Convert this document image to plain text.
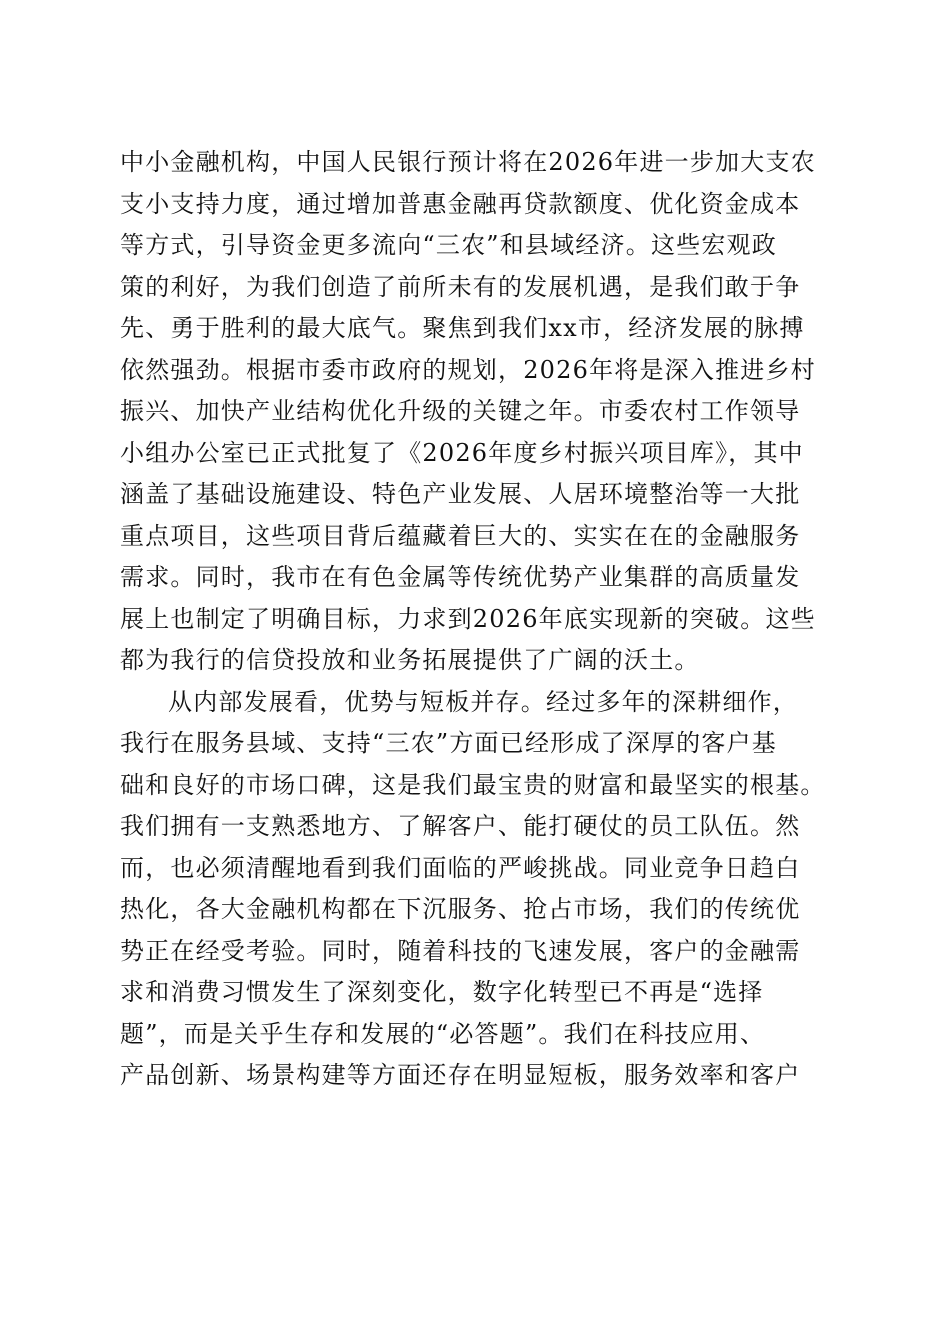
中小金融机构，中国人民银行预计将在2026年进一步加大支农
支小支持力度，通过增加普惠金融再贷款额度、优化资金成本
等方式，引导资金更多流向“三农”和县域经济。这些宏观政
策的利好，为我们创造了前所未有的发展机遇，是我们敢于争
先、勇于胜利的最大底气。聚焦到我们xx市，经济发展的脉搏
依然强劲。根据市委市政府的规划，2026年将是深入推进乡村
振兴、加快产业结构优化升级的关键之年。市委农村工作领导
小组办公室已正式批复了《2026年度乡村振兴项目库》，其中
涵盖了基础设施建设、特色产业发展、人居环境整治等一大批
重点项目，这些项目背后蕴藏着巨大的、实实在在的金融服务
需求。同时，我市在有色金属等传统优势产业集群的高质量发
展上也制定了明确目标，力求到2026年底实现新的突破。这些
都为我行的信贷投放和业务拓展提供了广阔的沃土。
从内部发展看，优势与短板并存。经过多年的深耕细作，
我行在服务县域、支持“三农”方面已经形成了深厚的客户基
础和良好的市场口碑，这是我们最宝贵的财富和最坚实的根基。
我们拥有一支熟悉地方、了解客户、能打硬仗的员工队伍。然
而，也必须清醒地看到我们面临的严峻挑战。同业竞争日趋白
热化，各大金融机构都在下沉服务、抢占市场，我们的传统优
势正在经受考验。同时，随着科技的飞速发展，客户的金融需
求和消费习惯发生了深刻变化，数字化转型已不再是“选择
题”，而是关乎生存和发展的“必答题”。我们在科技应用、
产品创新、场景构建等方面还存在明显短板，服务效率和客户
